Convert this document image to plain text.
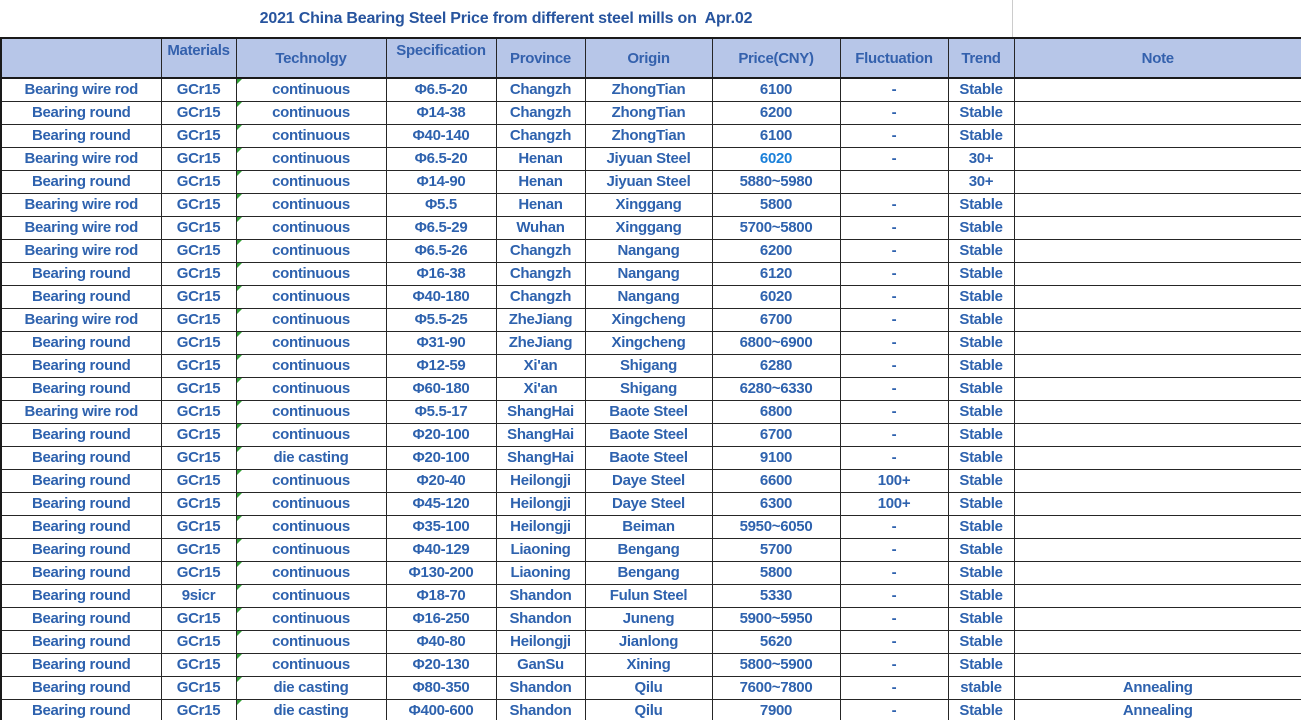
2021 China Bearing Steel Price from different steel mills on  Apr.02
	Materials	Technolgy	Specification	Province	Origin	Price(CNY)	Fluctuation	Trend	Note
Bearing wire rod	GCr15	continuous	Φ6.5-20	Changzh	ZhongTian	6100	-	Stable	
Bearing round	GCr15	continuous	Φ14-38	Changzh	ZhongTian	6200	-	Stable	
Bearing round	GCr15	continuous	Φ40-140	Changzh	ZhongTian	6100	-	Stable	
Bearing wire rod	GCr15	continuous	Φ6.5-20	Henan	Jiyuan Steel	6020	-	30+	
Bearing round	GCr15	continuous	Φ14-90	Henan	Jiyuan Steel	5880~5980		30+	
Bearing wire rod	GCr15	continuous	Φ5.5	Henan	Xinggang	5800	-	Stable	
Bearing wire rod	GCr15	continuous	Φ6.5-29	Wuhan	Xinggang	5700~5800	-	Stable	
Bearing wire rod	GCr15	continuous	Φ6.5-26	Changzh	Nangang	6200	-	Stable	
Bearing round	GCr15	continuous	Φ16-38	Changzh	Nangang	6120	-	Stable	
Bearing round	GCr15	continuous	Φ40-180	Changzh	Nangang	6020	-	Stable	
Bearing wire rod	GCr15	continuous	Φ5.5-25	ZheJiang	Xingcheng	6700	-	Stable	
Bearing round	GCr15	continuous	Φ31-90	ZheJiang	Xingcheng	6800~6900	-	Stable	
Bearing round	GCr15	continuous	Φ12-59	Xi'an	Shigang	6280	-	Stable	
Bearing round	GCr15	continuous	Φ60-180	Xi'an	Shigang	6280~6330	-	Stable	
Bearing wire rod	GCr15	continuous	Φ5.5-17	ShangHai	Baote Steel	6800	-	Stable	
Bearing round	GCr15	continuous	Φ20-100	ShangHai	Baote Steel	6700	-	Stable	
Bearing round	GCr15	die casting	Φ20-100	ShangHai	Baote Steel	9100	-	Stable	
Bearing round	GCr15	continuous	Φ20-40	Heilongji	Daye Steel	6600	100+	Stable	
Bearing round	GCr15	continuous	Φ45-120	Heilongji	Daye Steel	6300	100+	Stable	
Bearing round	GCr15	continuous	Φ35-100	Heilongji	Beiman	5950~6050	-	Stable	
Bearing round	GCr15	continuous	Φ40-129	Liaoning	Bengang	5700	-	Stable	
Bearing round	GCr15	continuous	Φ130-200	Liaoning	Bengang	5800	-	Stable	
Bearing round	9sicr	continuous	Φ18-70	Shandon	Fulun Steel	5330	-	Stable	
Bearing round	GCr15	continuous	Φ16-250	Shandon	Juneng	5900~5950	-	Stable	
Bearing round	GCr15	continuous	Φ40-80	Heilongji	Jianlong	5620	-	Stable	
Bearing round	GCr15	continuous	Φ20-130	GanSu	Xining	5800~5900	-	Stable	
Bearing round	GCr15	die casting	Φ80-350	Shandon	Qilu	7600~7800	-	stable	Annealing
Bearing round	GCr15	die casting	Φ400-600	Shandon	Qilu	7900	-	Stable	Annealing
